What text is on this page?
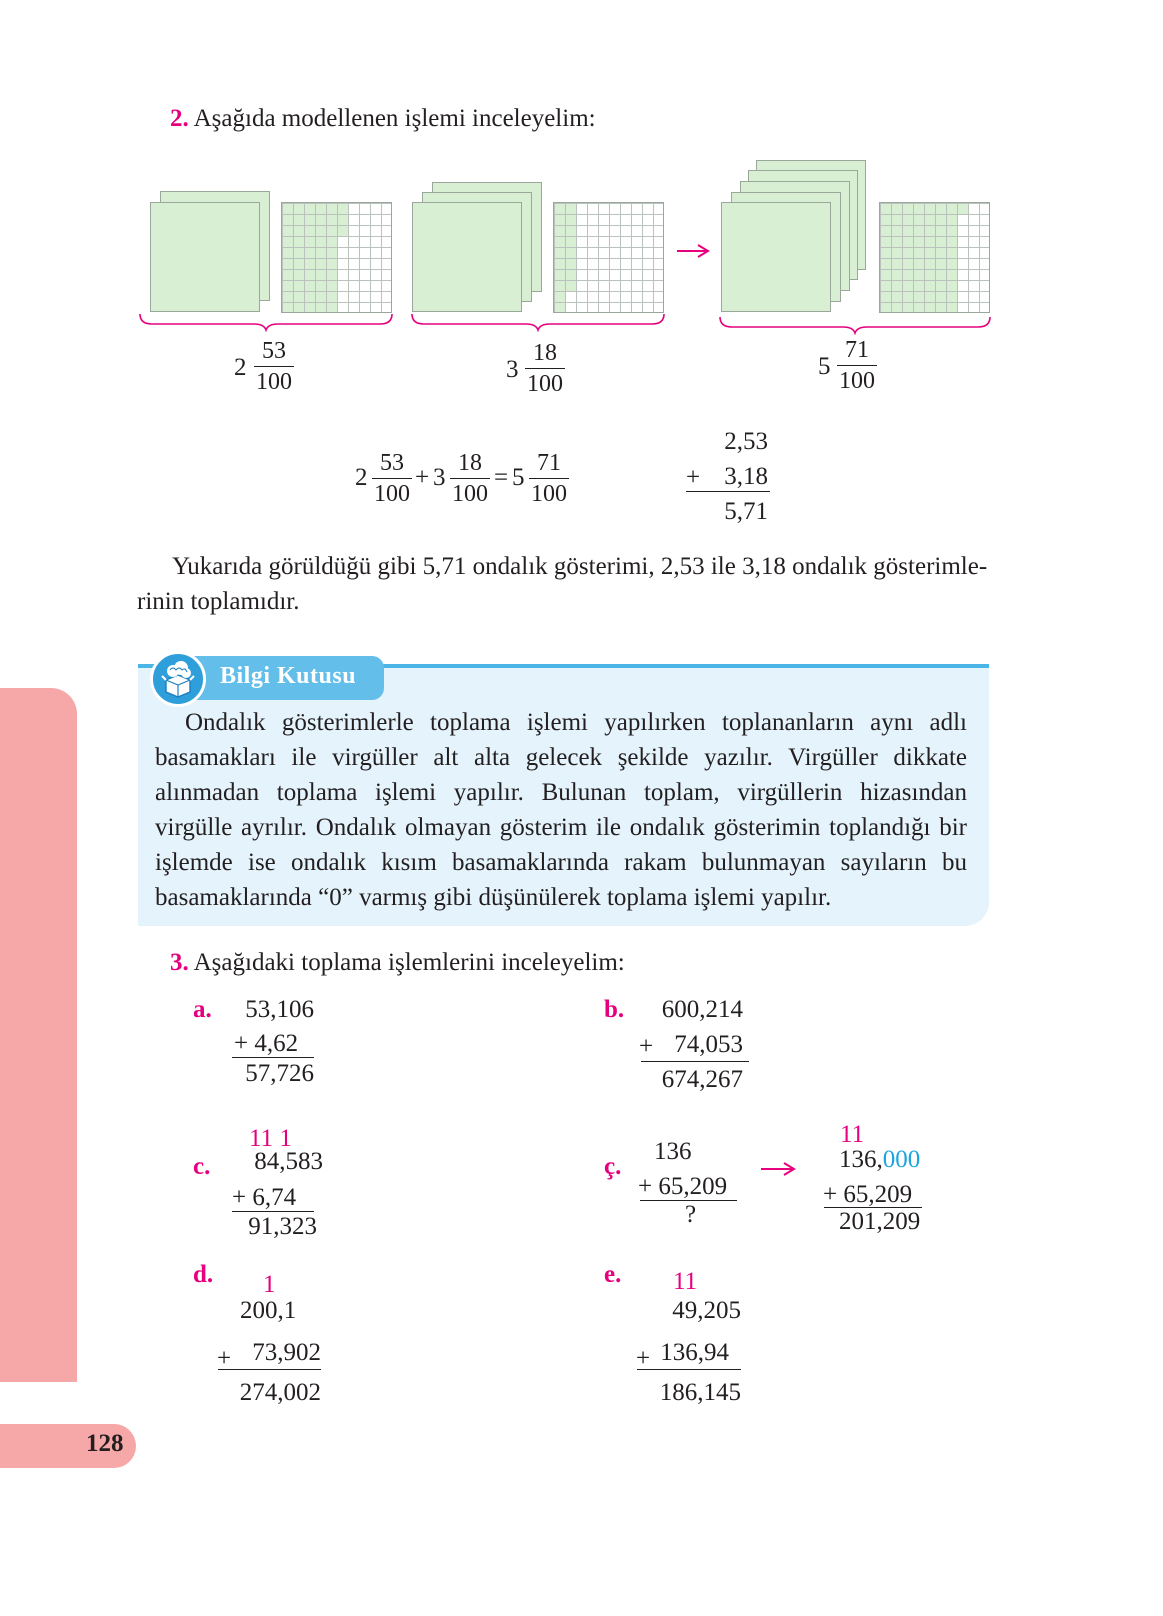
128
2. Aşağıda modellenen işlemi inceleyelim:
2
53
100	3
18
100
5
71
100
2
53
100
+ 3
18
100
= 5
71
100
2,53
+ 3,18
5,71
Yukarıda görüldüğü gibi 5,71 ondalık gösterimi, 2,53 ile 3,18 ondalık gösterimle-
rinin toplamıdır.
Bilgi Kutusu
Ondalık gösterimlerle toplama işlemi yapılırken toplananların aynı adlı basamakları ile virgüller alt alta gelecek şekilde yazılır. Virgüller dikkate alınmadan toplama işlemi yapılır. Bulunan toplam, virgüllerin hizasından virgülle ayrılır. Ondalık olmayan gösterim ile ondalık gösterimin toplandığı bir işlemde ise ondalık kısım basamaklarında rakam bulunmayan sayıların bu basamaklarında “0” varmış gibi düşünülerek toplama işlemi yapılır.
3. Aşağıdaki toplama işlemlerini inceleyelim:
a.	53,106
+ 4,62
57,726
b.	600,214
+ 74,053
674,267
11 1
c.	84,583
+ 6,74
91,323
ç.
136
+ 65,209
?
11
136,000
+ 65,209
201,209
d. 1
200,1
+ 73,902
274,002
e. 11
49,205
+ 136,94
186,145
